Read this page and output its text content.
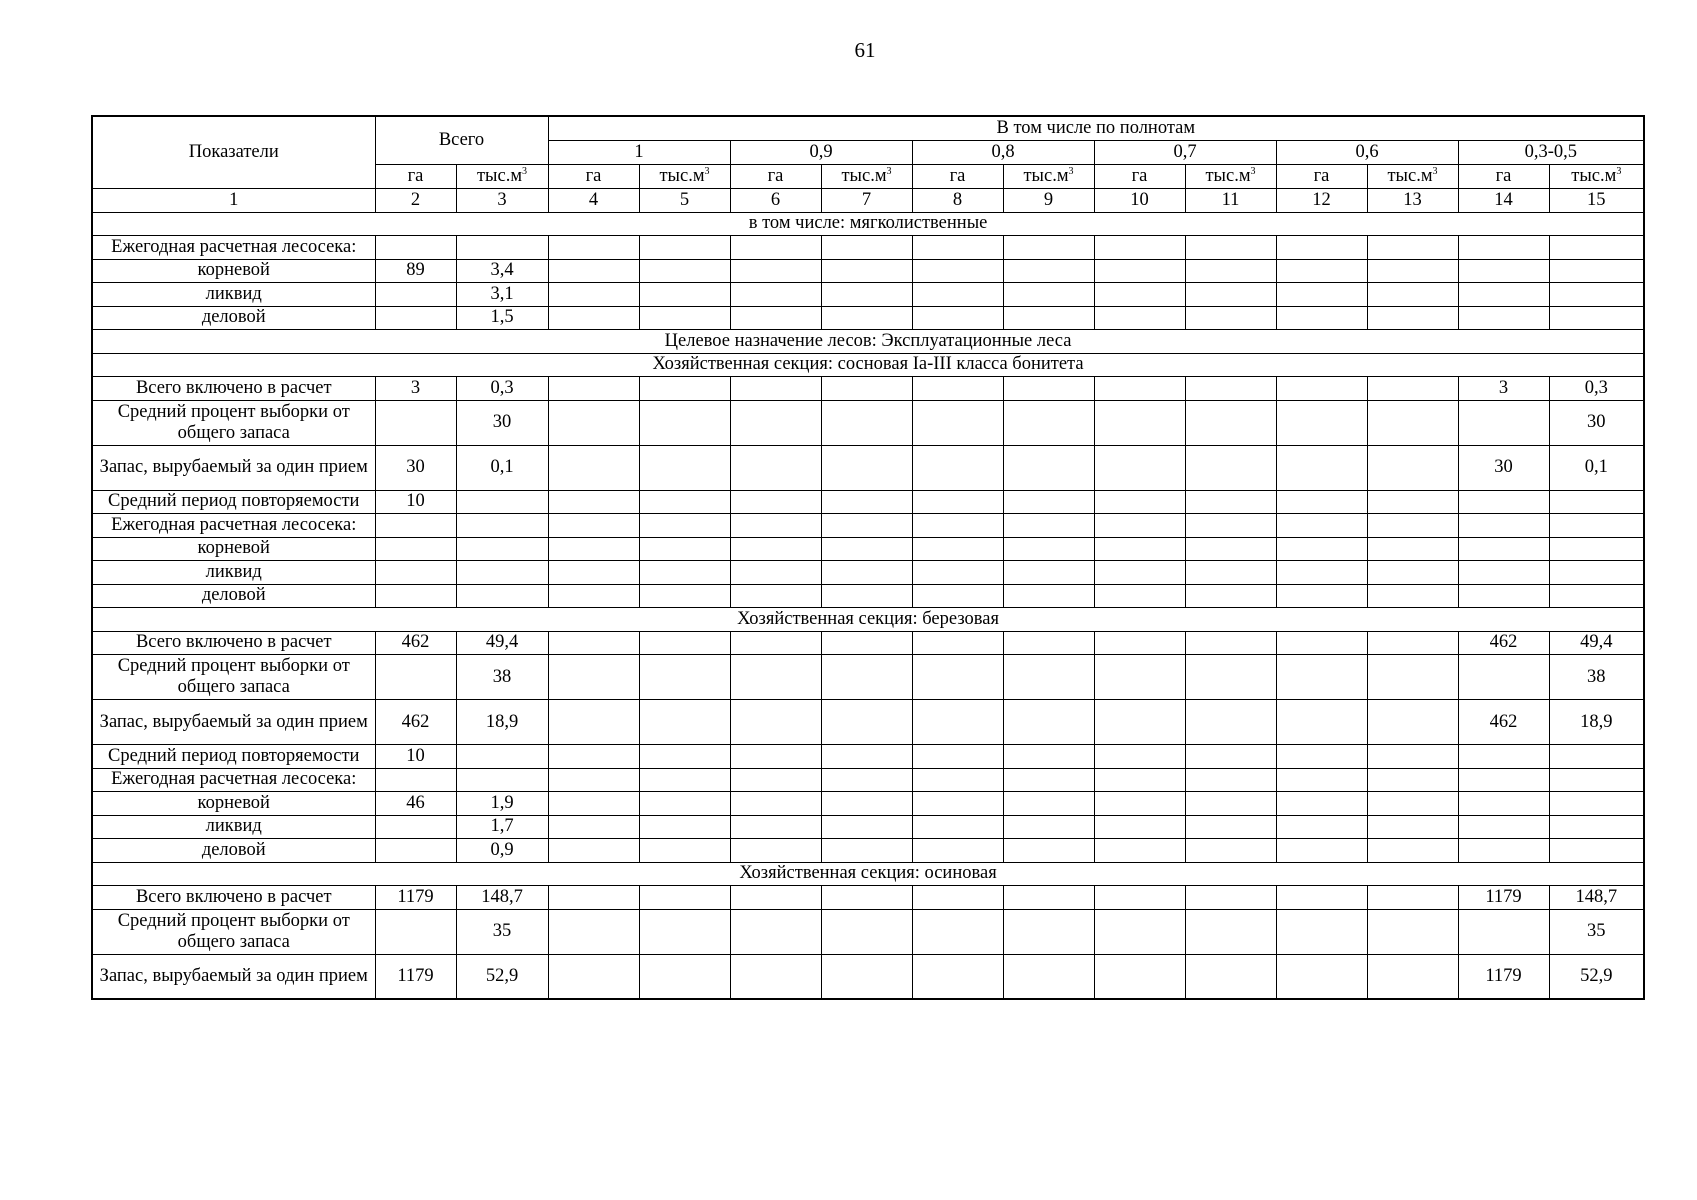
61
Показатели	Всего		В том числе по полнотам											
			1		0,9		0,8		0,7		0,6		0,3-0,5	
	га	$тыс.м^3$	га	$тыс.м^3$	га	$тыс.м^3$	га	$тыс.м^3$	га	$тыс.м^3$	га	$тыс.м^3$	га	$тыс.м^3$
1	2	3	4	5	6	7	8	9	10	11	12	13	14	15
в том числе: мягколиственные														
Ежегодная расчетная лесосека:														
корневой	89	3,4												
ликвид		3,1												
деловой		1,5												
Целевое назначение лесов: Эксплуатационные леса														
Хозяйственная секция: сосновая Ia-III класса бонитета														
Всего включено в расчет	3	0,3											3	0,3
Средний процент выборки от общего запаса		30												30
Запас, вырубаемый за один прием	30	0,1											30	0,1
Средний период повторяемости	10													
Ежегодная расчетная лесосека:														
корневой														
ликвид														
деловой														
Хозяйственная секция: березовая														
Всего включено в расчет	462	49,4											462	49,4
Средний процент выборки от общего запаса		38												38
Запас, вырубаемый за один прием	462	18,9											462	18,9
Средний период повторяемости	10													
Ежегодная расчетная лесосека:														
корневой	46	1,9												
ликвид		1,7												
деловой		0,9												
Хозяйственная секция: осиновая														
Всего включено в расчет	1179	148,7											1179	148,7
Средний процент выборки от общего запаса		35												35
Запас, вырубаемый за один прием	1179	52,9											1179	52,9
